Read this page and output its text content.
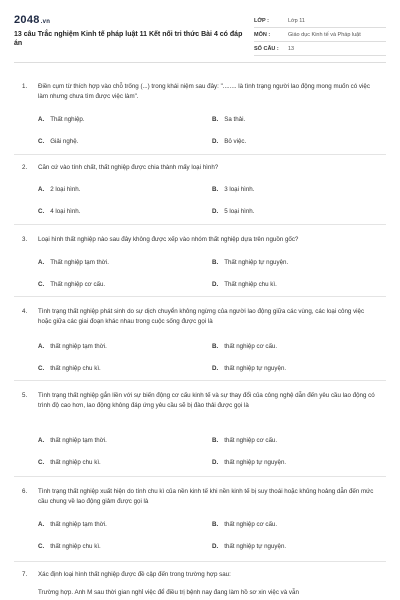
2048.vn
13 câu Trắc nghiệm Kinh tế pháp luật 11 Kết nối tri thức Bài 4 có đáp án
LỚP :	Lớp 11
MÔN :	Giáo dục Kinh tế và Pháp luật
SỐ CÂU :	13
1. Điền cụm từ thích hợp vào chỗ trống (...) trong khái niệm sau đây: "........ là tình trạng người lao động mong muốn có việc làm nhưng chưa tìm được việc làm".
A. Thất nghiệp.	B. Sa thải.
C. Giải nghệ.	D. Bỏ việc.
2. Căn cứ vào tính chất, thất nghiệp được chia thành mấy loại hình?
A. 2 loại hình.	B. 3 loại hình.
C. 4 loại hình.	D. 5 loại hình.
3. Loại hình thất nghiệp nào sau đây không được xếp vào nhóm thất nghiệp dựa trên nguồn gốc?
A. Thất nghiệp tạm thời.	B. Thất nghiệp tự nguyện.
C. Thất nghiệp cơ cấu.	D. Thất nghiệp chu kì.
4. Tình trạng thất nghiệp phát sinh do sự dịch chuyển không ngừng của người lao động giữa các vùng, các loại công việc hoặc giữa các giai đoạn khác nhau trong cuộc sống được gọi là
A. thất nghiệp tạm thời.	B. thất nghiệp cơ cấu.
C. thất nghiệp chu kì.	D. thất nghiệp tự nguyện.
5. Tình trạng thất nghiệp gắn liền với sự biến động cơ cấu kinh tế và sự thay đổi của công nghệ dẫn đến yêu cầu lao động có trình độ cao hơn, lao động không đáp ứng yêu cầu sẽ bị đào thải được gọi là
A. thất nghiệp tạm thời.	B. thất nghiệp cơ cấu.
C. thất nghiệp chu kì.	D. thất nghiệp tự nguyện.
6. Tình trạng thất nghiệp xuất hiện do tính chu kì của nền kinh tế khi nền kinh tế bị suy thoái hoặc khủng hoảng dẫn đến mức cầu chung về lao động giảm được gọi là
A. thất nghiệp tạm thời.	B. thất nghiệp cơ cấu.
C. thất nghiệp chu kì.	D. thất nghiệp tự nguyện.
7. Xác định loại hình thất nghiệp được đề cập đến trong trường hợp sau:
Trường hợp. Anh M sau thời gian nghỉ việc để điều trị bệnh nay đang làm hồ sơ xin việc và vẫn
